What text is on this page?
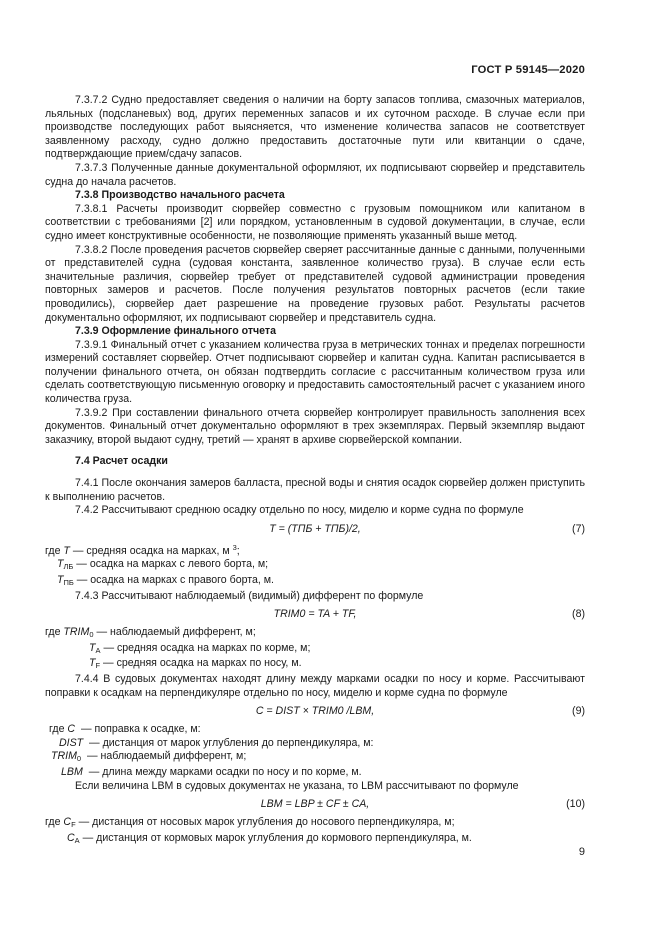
ГОСТ Р 59145—2020

7.3.7.2 Судно предоставляет сведения о наличии на борту запасов топлива, смазочных материалов, льяльных (подсланевых) вод, других переменных запасов и их суточном расходе. В случае если при производстве последующих работ выясняется, что изменение количества запасов не соответствует заявленному расходу, судно должно предоставить достаточные пути или квитанции о сдаче, подтверждающие прием/сдачу запасов.

7.3.7.3 Полученные данные документальной оформляют, их подписывают сюрвейер и представитель судна до начала расчетов.

7.3.8 Производство начального расчета

7.3.8.1 Расчеты производит сюрвейер совместно с грузовым помощником или капитаном в соответствии с требованиями [2] или порядком, установленным в судовой документации, в случае, если судно имеет конструктивные особенности, не позволяющие применять указанный выше метод.

7.3.8.2 После проведения расчетов сюрвейер сверяет рассчитанные данные с данными, полученными от представителей судна (судовая константа, заявленное количество груза). В случае если есть значительные различия, сюрвейер требует от представителей судовой администрации проведения повторных замеров и расчетов. После получения результатов повторных расчетов (если такие проводились), сюрвейер дает разрешение на проведение грузовых работ. Результаты расчетов документально оформляют, их подписывают сюрвейер и представитель судна.

7.3.9 Оформление финального отчета

7.3.9.1 Финальный отчет с указанием количества груза в метрических тоннах и пределах погрешности измерений составляет сюрвейер. Отчет подписывают сюрвейер и капитан судна. Капитан расписывается в получении финального отчета, он обязан подтвердить согласие с рассчитанным количеством груза или сделать соответствующую письменную оговорку и предоставить самостоятельный расчет с указанием иного количества груза.

7.3.9.2 При составлении финального отчета сюрвейер контролирует правильность заполнения всех документов. Финальный отчет документально оформляют в трех экземплярах. Первый экземпляр выдают заказчику, второй выдают судну, третий — хранят в архиве сюрвейерской компании.

7.4 Расчет осадки

7.4.1 После окончания замеров балласта, пресной воды и снятия осадок сюрвейер должен приступить к выполнению расчетов.

7.4.2 Рассчитывают среднюю осадку отдельно по носу, миделю и корме судна по формуле

T = (TПБ + TПБ)/2,	(7)

где T — средняя осадка на марках, м $^3$;

$T_{ЛБ}$ — осадка на марках с левого борта, м;

$T_{ПБ}$ — осадка на марках с правого борта, м.

7.4.3 Рассчитывают наблюдаемый (видимый) дифферент по формуле

TRIM0 = TA + TF,	(8)

где $TRIM_0$ — наблюдаемый дифферент, м;

$T_A$ — средняя осадка на марках по корме, м;

$T_F$ — средняя осадка на марках по носу, м.

7.4.4 В судовых документах находят длину между марками осадки по носу и корме. Рассчитывают поправки к осадкам на перпендикуляре отдельно по носу, миделю и корме судна по формуле

C = DIST × TRIM0 /LBM,	(9)

где C — поправка к осадке, м:

DIST — дистанция от марок углубления до перпендикуляра, м:

$TRIM_0$ — наблюдаемый дифферент, м;

LBM — длина между марками осадки по носу и по корме, м.

Если величина LBM в судовых документах не указана, то LBM рассчитывают по формуле

LBM = LBP ± CF ± CA,	(10)

где $C_F$ — дистанция от носовых марок углубления до носового перпендикуляра, м;

$C_A$ — дистанция от кормовых марок углубления до кормового перпендикуляра, м.

9
